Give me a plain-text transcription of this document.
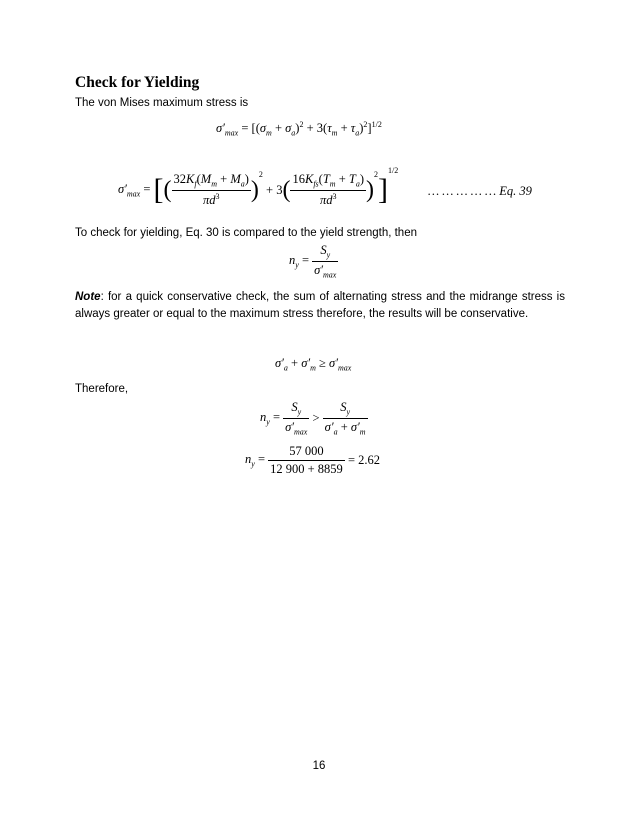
Check for Yielding
The von Mises maximum stress is
$\sigma'_{max} = [(\sigma_m + \sigma_a)^2 + 3(\tau_m + \tau_a)^2]^{1/2}$
$\sigma'_{max}$ = [ ( $\frac{32K_f(M_m + M_a)}{\pi d^3}$ )
$^2$
+ 3 ( $\frac{16K_{fs}(T_m + T_a)}{\pi d^3}$ )
$^2$ ]
1/2
… … … … … Eq. 39
To check for yielding, Eq. 30 is compared to the yield strength, then
$n_y = \frac{S_y}{\sigma'_{max}}$
Note: for a quick conservative check, the sum of alternating stress and the midrange stress is always greater or equal to the maximum stress therefore, the results will be conservative.
$\sigma'_a + \sigma'_m \ge \sigma'_{max}$
Therefore,
$n_y = \frac{S_y}{\sigma'_{max}} > \frac{S_y}{\sigma'_a + \sigma'_m}$
$n_y = \frac{57 000}{12 900 + 8859}$
= 2.62
16
